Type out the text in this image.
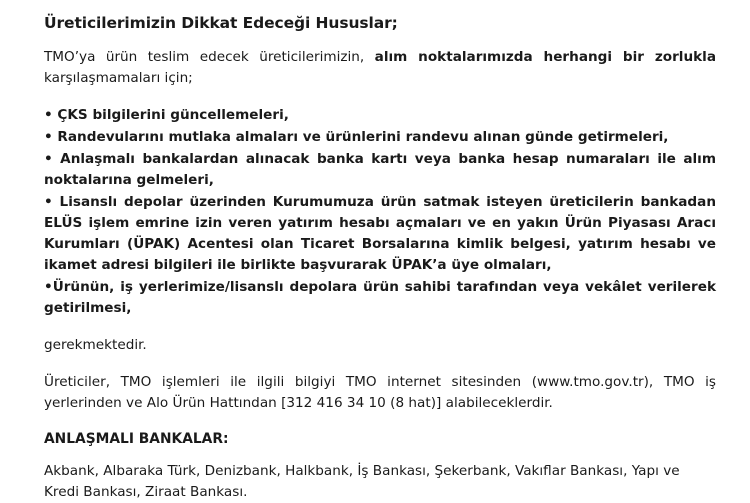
Üreticilerimizin Dikkat Edeceği Hususlar;

TMO’ya ürün teslim edecek üreticilerimizin, alım noktalarımızda herhangi bir zorlukla karşılaşmamaları için;

• ÇKS bilgilerini güncellemeleri,

• Randevularını mutlaka almaları ve ürünlerini randevu alınan günde getirmeleri,

• Anlaşmalı bankalardan alınacak banka kartı veya banka hesap numaraları ile alım noktalarına gelmeleri,

• Lisanslı depolar üzerinden Kurumumuza ürün satmak isteyen üreticilerin bankadan ELÜS işlem emrine izin veren yatırım hesabı açmaları ve en yakın Ürün Piyasası Aracı Kurumları (ÜPAK) Acentesi olan Ticaret Borsalarına kimlik belgesi, yatırım hesabı ve ikamet adresi bilgileri ile birlikte başvurarak ÜPAK’a üye olmaları,

•Ürünün, iş yerlerimize/lisanslı depolara ürün sahibi tarafından veya vekâlet verilerek getirilmesi,

gerekmektedir.

Üreticiler, TMO işlemleri ile ilgili bilgiyi TMO internet sitesinden (www.tmo.gov.tr), TMO iş yerlerinden ve Alo Ürün Hattından [312 416 34 10 (8 hat)] alabileceklerdir.

ANLAŞMALI BANKALAR:

Akbank, Albaraka Türk, Denizbank, Halkbank, İş Bankası, Şekerbank, Vakıflar Bankası, Yapı ve Kredi Bankası, Ziraat Bankası.
